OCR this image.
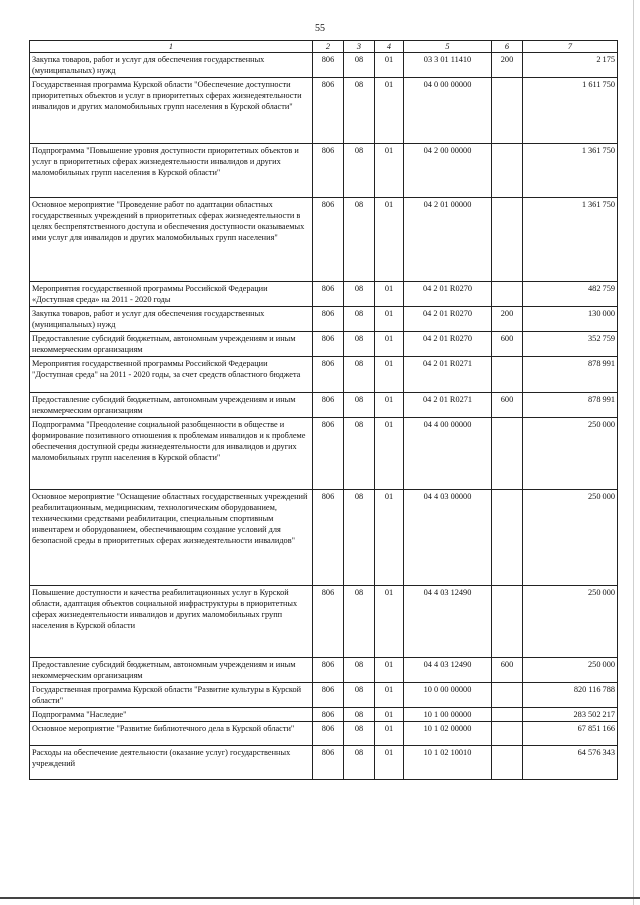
55
1	2	3	4	5	6	7
Закупка товаров, работ и услуг для обеспечения государственных (муниципальных) нужд	806	08	01	03 3 01 11410	200	2 175
Государственная программа Курской области "Обеспечение доступности приоритетных объектов и услуг в приоритетных сферах жизнедеятельности инвалидов и других маломобильных групп населения в Курской области"	806	08	01	04 0 00 00000		1 611 750
Подпрограмма "Повышение уровня доступности приоритетных объектов и услуг в приоритетных сферах жизнедеятельности инвалидов и других маломобильных групп населения в Курской области"	806	08	01	04 2 00 00000		1 361 750
Основное мероприятие "Проведение работ по адаптации областных государственных учреждений в приоритетных сферах жизнедеятельности в целях беспрепятственного доступа и обеспечения доступности оказываемых ими услуг для инвалидов и других маломобильных групп населения"	806	08	01	04 2 01 00000		1 361 750
Мероприятия государственной программы Российской Федерации «Доступная среда» на 2011 - 2020 годы	806	08	01	04 2 01 R0270		482 759
Закупка товаров, работ и услуг для обеспечения государственных (муниципальных) нужд	806	08	01	04 2 01 R0270	200	130 000
Предоставление субсидий бюджетным, автономным учреждениям и иным некоммерческим организациям	806	08	01	04 2 01 R0270	600	352 759
Мероприятия государственной программы Российской Федерации "Доступная среда" на 2011 - 2020 годы, за счет средств областного бюджета	806	08	01	04 2 01 R0271		878 991
Предоставление субсидий бюджетным, автономным учреждениям и иным некоммерческим организациям	806	08	01	04 2 01 R0271	600	878 991
Подпрограмма "Преодоление социальной разобщенности в обществе и формирование позитивного отношения к проблемам инвалидов и к проблеме обеспечения доступной среды жизнедеятельности для инвалидов и других маломобильных групп населения в Курской области"	806	08	01	04 4 00 00000		250 000
Основное мероприятие "Оснащение областных государственных учреждений реабилитационным, медицинским, технологическим оборудованием, техническими средствами реабилитации, специальным спортивным инвентарем и оборудованием, обеспечивающим создание условий для безопасной среды в приоритетных сферах жизнедеятельности инвалидов"	806	08	01	04 4 03 00000		250 000
Повышение доступности и качества реабилитационных услуг в Курской области, адаптация объектов социальной инфраструктуры в приоритетных сферах жизнедеятельности инвалидов и других маломобильных групп населения в Курской области	806	08	01	04 4 03 12490		250 000
Предоставление субсидий бюджетным, автономным учреждениям и иным некоммерческим организациям	806	08	01	04 4 03 12490	600	250 000
Государственная программа Курской области "Развитие культуры в Курской области"	806	08	01	10 0 00 00000		820 116 788
Подпрограмма "Наследие"	806	08	01	10 1 00 00000		283 502 217
Основное мероприятие "Развитие библиотечного дела в Курской области"	806	08	01	10 1 02 00000		67 851 166
Расходы на обеспечение деятельности (оказание услуг) государственных учреждений	806	08	01	10 1 02 10010		64 576 343
